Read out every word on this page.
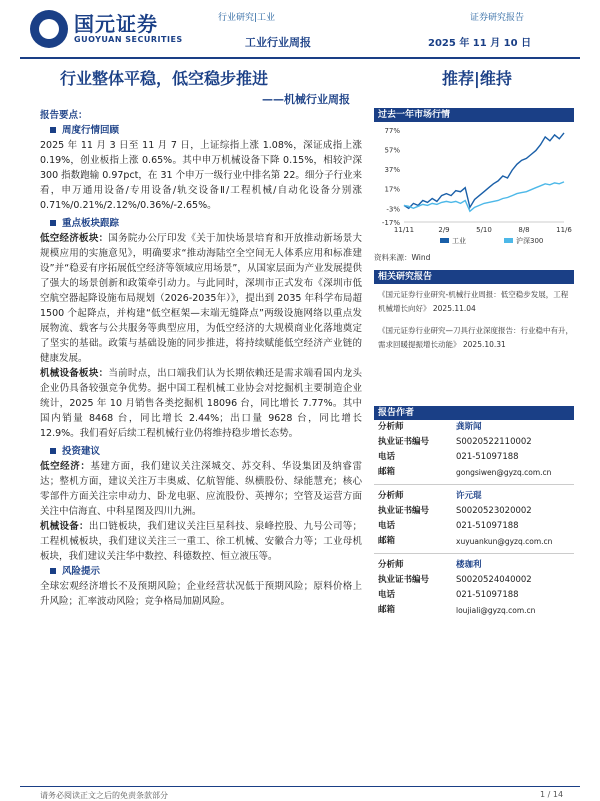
国元证券
GUOYUAN SECURITIES
行业研究|工业	证券研究报告
工业行业周报	2025 年 11 月 10 日
行业整体平稳，低空稳步推进	推荐|维持
——机械行业周报
报告要点：
周度行情回顾
2025 年 11 月 3 日至 11 月 7 日，上证综指上涨 1.08%，深证成指上涨 0.19%，创业板指上涨 0.65%。其中申万机械设备下降 0.15%，相较沪深 300 指数跑输 0.97pct，在 31 个申万一级行业中排名第 22。细分子行业来看，申万通用设备/专用设备/轨交设备Ⅱ/工程机械/自动化设备分别涨 0.71%/0.21%/2.12%/0.36%/-2.65%。
重点板块跟踪
低空经济板块：国务院办公厅印发《关于加快场景培育和开放推动新场景大规模应用的实施意见》，明确要求“推动海陆空全空间无人体系应用和标准建设”并“稳妥有序拓展低空经济等领域应用场景”，从国家层面为产业发展提供了强大的场景创新和政策牵引动力。与此同时，深圳市正式发布《深圳市低空航空器起降设施布局规划（2026-2035年）》，提出到 2035 年科学布局超 1500 个起降点，并构建“低空框架—末端无缝降点”两级设施网络以重点发展物流、载客与公共服务等典型应用，为低空经济的大规模商业化落地奠定了坚实的基础。政策与基础设施的同步推进，将持续赋能低空经济产业链的健康发展。
机械设备板块：当前时点，出口端我们认为长期依赖还是需求端看国内龙头企业仍具备较强竞争优势。据中国工程机械工业协会对挖掘机主要制造企业统计，2025 年 10 月销售各类挖掘机 18096 台，同比增长 7.77%。其中国内销量 8468 台，同比增长 2.44%；出口量 9628 台，同比增长 12.9%。我们看好后续工程机械行业仍将维持稳步增长态势。
投资建议
低空经济：基建方面，我们建议关注深城交、苏交科、华设集团及纳睿雷达；整机方面，建议关注万丰奥威、亿航智能、纵横股份、绿能慧充；核心零部件方面关注宗申动力、卧龙电驱、应流股份、英搏尔；空管及运营方面关注中信海直、中科星图及四川九洲。
机械设备：出口链板块，我们建议关注巨星科技、泉峰控股、九号公司等；工程机械板块，我们建议关注三一重工、徐工机械、安徽合力等；工业母机板块，我们建议关注华中数控、科德数控、恒立液压等。
风险提示
全球宏观经济增长不及预期风险；企业经营状况低于预期风险；原料价格上升风险；汇率波动风险；竞争格局加剧风险。
过去一年市场行情
77%
57%
37%
17%
-3%
-17%
11/11	2/9	5/10	8/8	11/6
工业	沪深300
资料来源：Wind
相关研究报告
《国元证券行业研究-机械行业周报：低空稳步发展，工程机械增长向好》 2025.11.04
《国元证券行业研究—刀具行业深度报告：行业稳中有升，需求回暖提振增长动能》 2025.10.31
报告作者
分析师	龚斯闻
执业证书编号	S0020522110002
电话	021-51097188
邮箱	gongsiwen@gyzq.com.cn
分析师	许元琨
执业证书编号	S0020523020002
电话	021-51097188
邮箱	xuyuankun@gyzq.com.cn
分析师	楼珈利
执业证书编号	S0020524040002
电话	021-51097188
邮箱	loujiali@gyzq.com.cn
请务必阅读正文之后的免责条款部分	1 / 14
